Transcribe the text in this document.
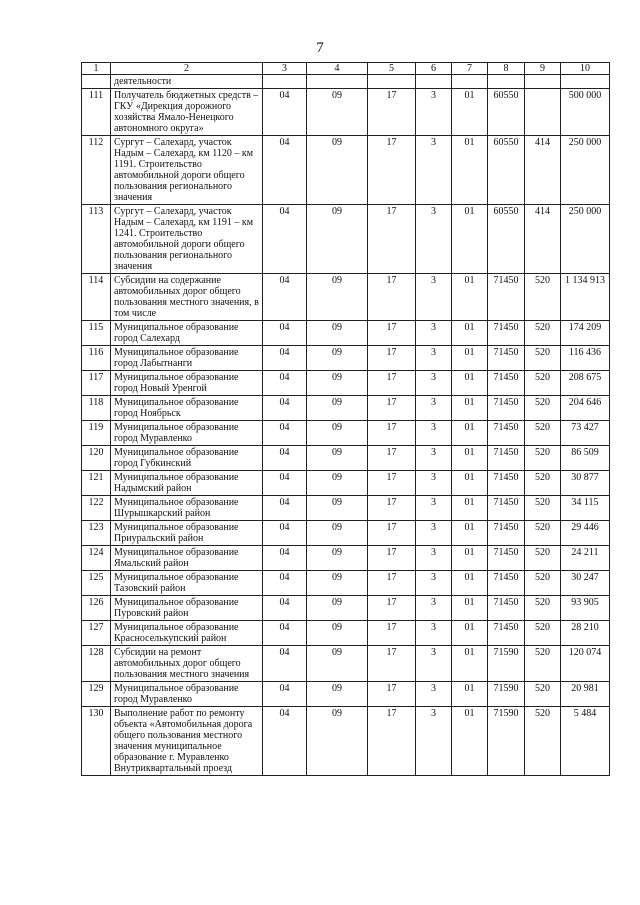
7
1	2	3	4	5	6	7	8	9	10
	деятельности								
111	Получатель бюджетных средств – ГКУ «Дирекция дорожного хозяйства Ямало-Ненецкого автономного округа»	04	09	17	3	01	60550		500 000
112	Сургут – Салехард, участок Надым – Салехард, км 1120 – км 1191. Строительство автомобильной дороги общего пользования регионального значения	04	09	17	3	01	60550	414	250 000
113	Сургут – Салехард, участок Надым – Салехард, км 1191 – км 1241. Строительство автомобильной дороги общего пользования регионального значения	04	09	17	3	01	60550	414	250 000
114	Субсидии на содержание автомобильных дорог общего пользования местного значения, в том числе	04	09	17	3	01	71450	520	1 134 913
115	Муниципальное образование город Салехард	04	09	17	3	01	71450	520	174 209
116	Муниципальное образование город Лабытнанги	04	09	17	3	01	71450	520	116 436
117	Муниципальное образование город Новый Уренгой	04	09	17	3	01	71450	520	208 675
118	Муниципальное образование город Ноябрьск	04	09	17	3	01	71450	520	204 646
119	Муниципальное образование город Муравленко	04	09	17	3	01	71450	520	73 427
120	Муниципальное образование город Губкинский	04	09	17	3	01	71450	520	86 509
121	Муниципальное образование Надымский район	04	09	17	3	01	71450	520	30 877
122	Муниципальное образование Шурышкарский район	04	09	17	3	01	71450	520	34 115
123	Муниципальное образование Приуральский район	04	09	17	3	01	71450	520	29 446
124	Муниципальное образование Ямальский район	04	09	17	3	01	71450	520	24 211
125	Муниципальное образование Тазовский район	04	09	17	3	01	71450	520	30 247
126	Муниципальное образование Пуровский район	04	09	17	3	01	71450	520	93 905
127	Муниципальное образование Красноселькупский район	04	09	17	3	01	71450	520	28 210
128	Субсидии на ремонт автомобильных дорог общего пользования местного значения	04	09	17	3	01	71590	520	120 074
129	Муниципальное образование город Муравленко	04	09	17	3	01	71590	520	20 981
130	Выполнение работ по ремонту объекта «Автомобильная дорога общего пользования местного значения муниципальное образование г. Муравленко Внутриквартальный проезд	04	09	17	3	01	71590	520	5 484
